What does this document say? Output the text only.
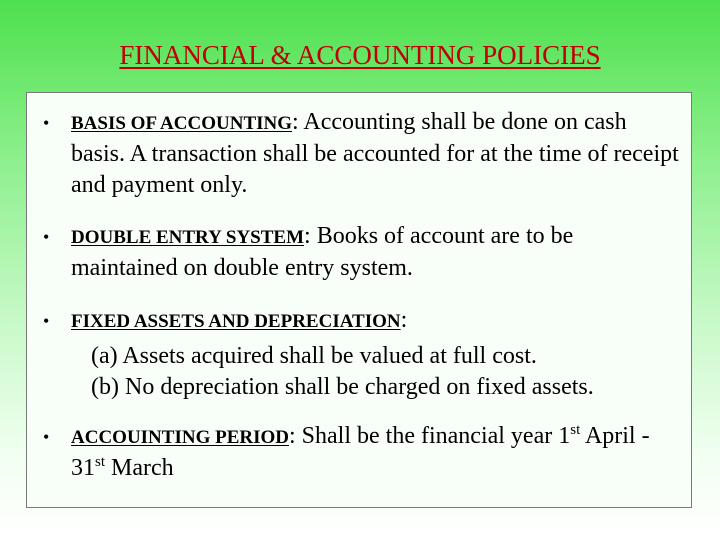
FINANCIAL & ACCOUNTING POLICIES
• BASIS OF ACCOUNTING: Accounting shall be done on cash basis. A transaction shall be accounted for at the time of receipt and payment only.
• DOUBLE ENTRY SYSTEM: Books of account are to be maintained on double entry system.
• FIXED ASSETS AND DEPRECIATION:
(a) Assets acquired shall be valued at full cost.
(b) No depreciation shall be charged on fixed assets.
• ACCOUINTING PERIOD: Shall be the financial year 1st April - 31st March
